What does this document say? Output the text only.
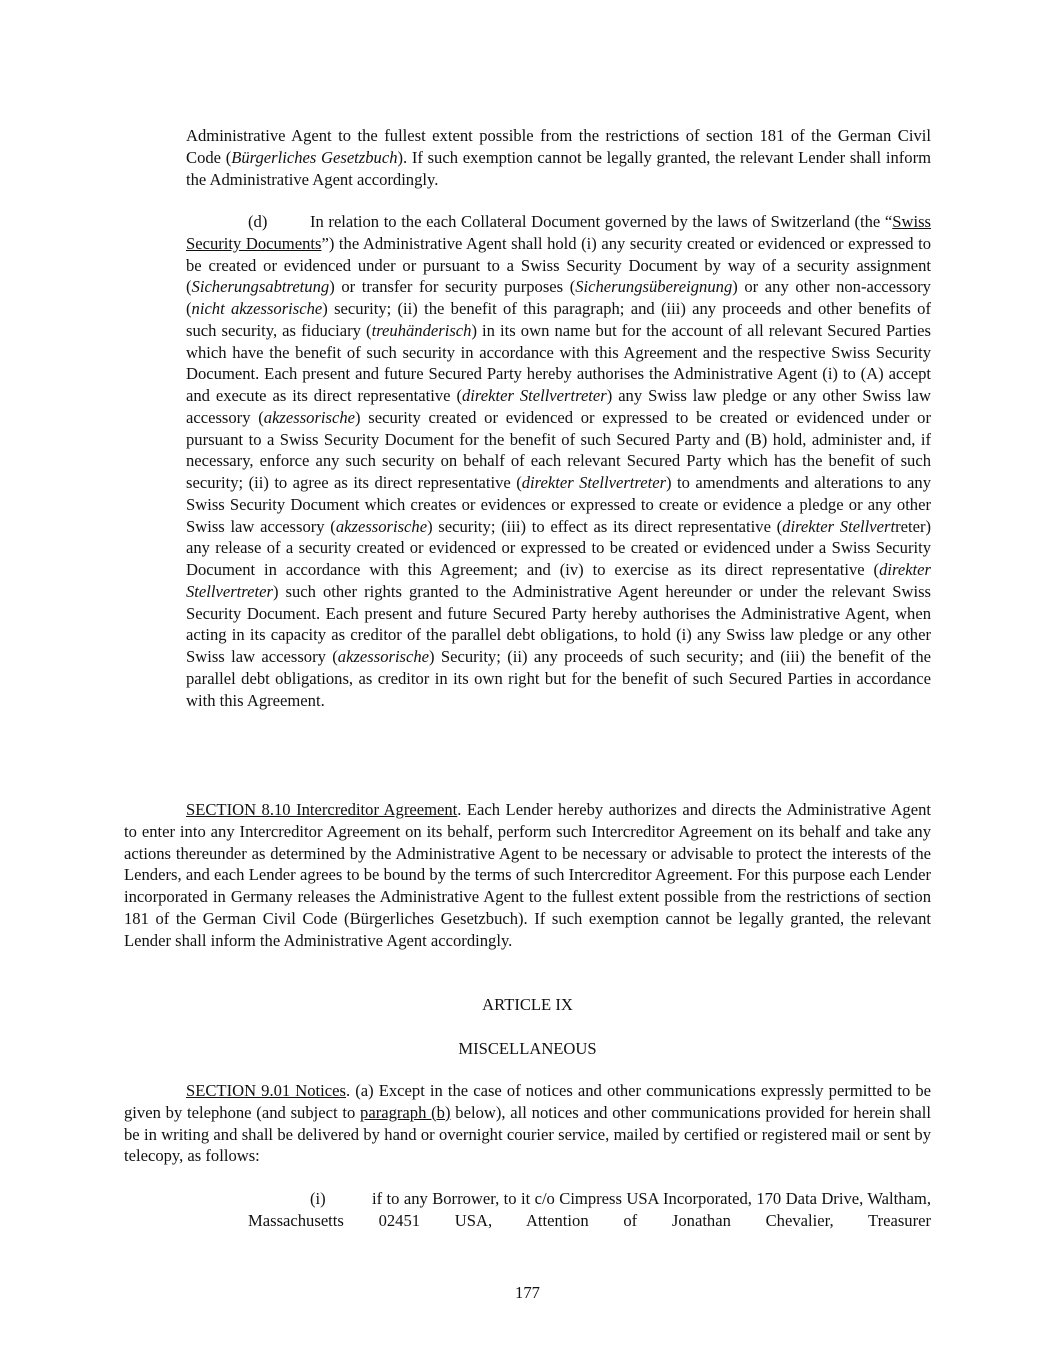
Administrative Agent to the fullest extent possible from the restrictions of section 181 of the German Civil Code (Bürgerliches Gesetzbuch). If such exemption cannot be legally granted, the relevant Lender shall inform the Administrative Agent accordingly.

(d)	In relation to the each Collateral Document governed by the laws of Switzerland (the “Swiss Security Documents”) the Administrative Agent shall hold (i) any security created or evidenced or expressed to be created or evidenced under or pursuant to a Swiss Security Document by way of a security assignment (Sicherungsabtretung) or transfer for security purposes (Sicherungsübereignung) or any other non-accessory (nicht akzessorische) security; (ii) the benefit of this paragraph; and (iii) any proceeds and other benefits of such security, as fiduciary (treuhänderisch) in its own name but for the account of all relevant Secured Parties which have the benefit of such security in accordance with this Agreement and the respective Swiss Security Document. Each present and future Secured Party hereby authorises the Administrative Agent (i) to (A) accept and execute as its direct representative (direkter Stellvertreter) any Swiss law pledge or any other Swiss law accessory (akzessorische) security created or evidenced or expressed to be created or evidenced under or pursuant to a Swiss Security Document for the benefit of such Secured Party and (B) hold, administer and, if necessary, enforce any such security on behalf of each relevant Secured Party which has the benefit of such security; (ii) to agree as its direct representative (direkter Stellvertreter) to amendments and alterations to any Swiss Security Document which creates or evidences or expressed to create or evidence a pledge or any other Swiss law accessory (akzessorische) security; (iii) to effect as its direct representative (direkter Stellvertreter) any release of a security created or evidenced or expressed to be created or evidenced under a Swiss Security Document in accordance with this Agreement; and (iv) to exercise as its direct representative (direkter Stellvertreter) such other rights granted to the Administrative Agent hereunder or under the relevant Swiss Security Document. Each present and future Secured Party hereby authorises the Administrative Agent, when acting in its capacity as creditor of the parallel debt obligations, to hold (i) any Swiss law pledge or any other Swiss law accessory (akzessorische) Security; (ii) any proceeds of such security; and (iii) the benefit of the parallel debt obligations, as creditor in its own right but for the benefit of such Secured Parties in accordance with this Agreement.

SECTION 8.10 Intercreditor Agreement. Each Lender hereby authorizes and directs the Administrative Agent to enter into any Intercreditor Agreement on its behalf, perform such Intercreditor Agreement on its behalf and take any actions thereunder as determined by the Administrative Agent to be necessary or advisable to protect the interests of the Lenders, and each Lender agrees to be bound by the terms of such Intercreditor Agreement. For this purpose each Lender incorporated in Germany releases the Administrative Agent to the fullest extent possible from the restrictions of section 181 of the German Civil Code (Bürgerliches Gesetzbuch). If such exemption cannot be legally granted, the relevant Lender shall inform the Administrative Agent accordingly.

ARTICLE IX

MISCELLANEOUS

SECTION 9.01 Notices. (a) Except in the case of notices and other communications expressly permitted to be given by telephone (and subject to paragraph (b) below), all notices and other communications provided for herein shall be in writing and shall be delivered by hand or overnight courier service, mailed by certified or registered mail or sent by telecopy, as follows:

(i)	if to any Borrower, to it c/o Cimpress USA Incorporated, 170 Data Drive, Waltham, Massachusetts 02451 USA, Attention of Jonathan Chevalier, Treasurer

177
